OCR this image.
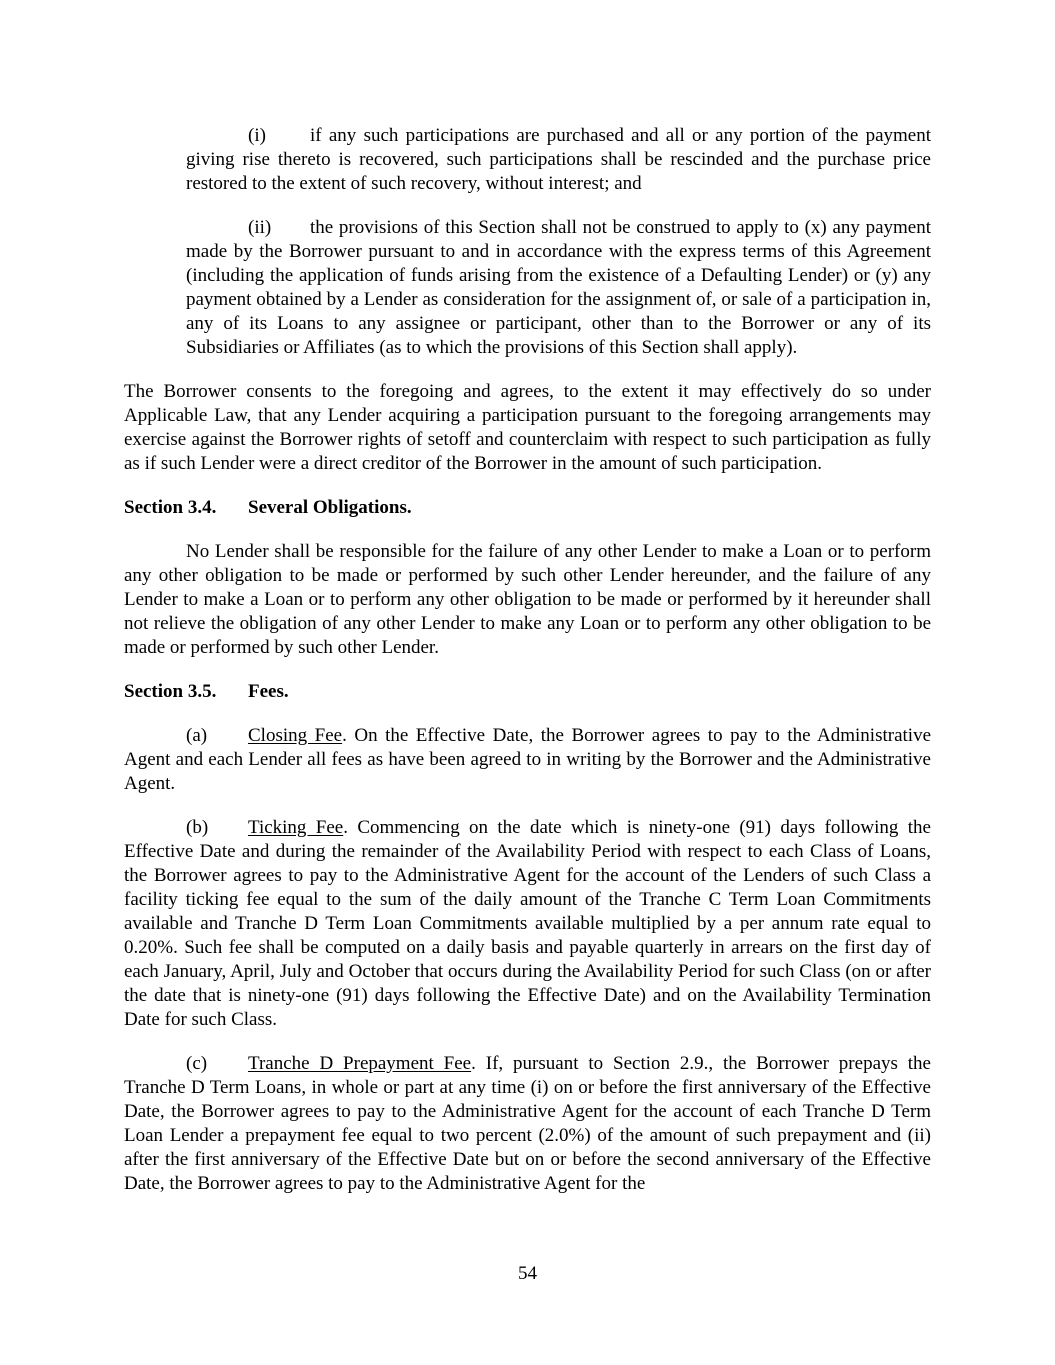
(i) if any such participations are purchased and all or any portion of the payment giving rise thereto is recovered, such participations shall be rescinded and the purchase price restored to the extent of such recovery, without interest; and

(ii) the provisions of this Section shall not be construed to apply to (x) any payment made by the Borrower pursuant to and in accordance with the express terms of this Agreement (including the application of funds arising from the existence of a Defaulting Lender) or (y) any payment obtained by a Lender as consideration for the assignment of, or sale of a participation in, any of its Loans to any assignee or participant, other than to the Borrower or any of its Subsidiaries or Affiliates (as to which the provisions of this Section shall apply).

The Borrower consents to the foregoing and agrees, to the extent it may effectively do so under Applicable Law, that any Lender acquiring a participation pursuant to the foregoing arrangements may exercise against the Borrower rights of setoff and counterclaim with respect to such participation as fully as if such Lender were a direct creditor of the Borrower in the amount of such participation.

Section 3.4. Several Obligations.

No Lender shall be responsible for the failure of any other Lender to make a Loan or to perform any other obligation to be made or performed by such other Lender hereunder, and the failure of any Lender to make a Loan or to perform any other obligation to be made or performed by it hereunder shall not relieve the obligation of any other Lender to make any Loan or to perform any other obligation to be made or performed by such other Lender.

Section 3.5. Fees.

(a) Closing Fee. On the Effective Date, the Borrower agrees to pay to the Administrative Agent and each Lender all fees as have been agreed to in writing by the Borrower and the Administrative Agent.

(b) Ticking Fee. Commencing on the date which is ninety-one (91) days following the Effective Date and during the remainder of the Availability Period with respect to each Class of Loans, the Borrower agrees to pay to the Administrative Agent for the account of the Lenders of such Class a facility ticking fee equal to the sum of the daily amount of the Tranche C Term Loan Commitments available and Tranche D Term Loan Commitments available multiplied by a per annum rate equal to 0.20%. Such fee shall be computed on a daily basis and payable quarterly in arrears on the first day of each January, April, July and October that occurs during the Availability Period for such Class (on or after the date that is ninety-one (91) days following the Effective Date) and on the Availability Termination Date for such Class.

(c) Tranche D Prepayment Fee. If, pursuant to Section 2.9., the Borrower prepays the Tranche D Term Loans, in whole or part at any time (i) on or before the first anniversary of the Effective Date, the Borrower agrees to pay to the Administrative Agent for the account of each Tranche D Term Loan Lender a prepayment fee equal to two percent (2.0%) of the amount of such prepayment and (ii) after the first anniversary of the Effective Date but on or before the second anniversary of the Effective Date, the Borrower agrees to pay to the Administrative Agent for the

54
